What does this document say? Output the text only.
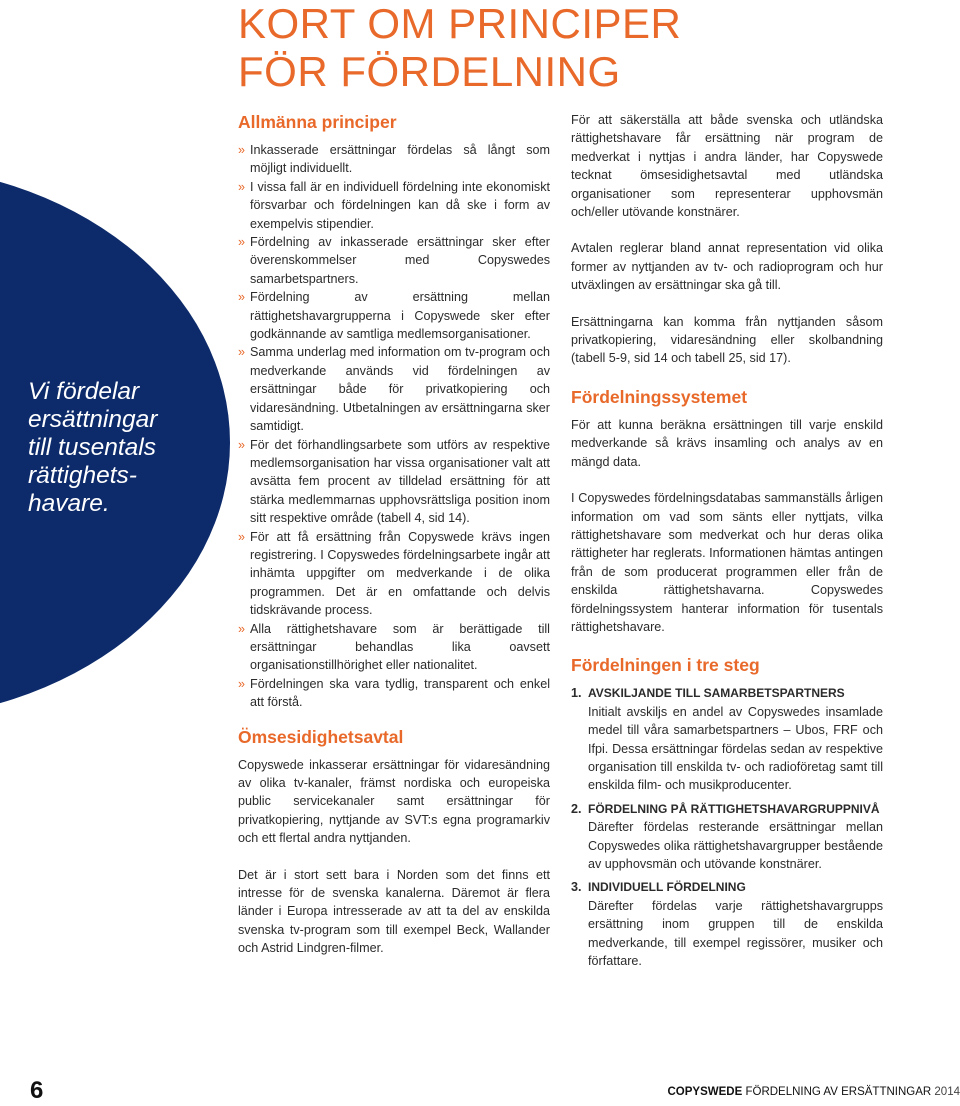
KORT OM PRINCIPER
FÖR FÖRDELNING

Vi fördelar
ersättningar
till tusentals
rättighets-
havare.

Allmänna principer
» Inkasserade ersättningar fördelas så långt som möjligt individuellt.
» I vissa fall är en individuell fördelning inte ekonomiskt försvarbar och fördelningen kan då ske i form av exempelvis stipendier.
» Fördelning av inkasserade ersättningar sker efter överenskommelser med Copyswedes samarbetspartners.
» Fördelning av ersättning mellan rättighetshavargrupperna i Copyswede sker efter godkännande av samtliga medlemsorganisationer.
» Samma underlag med information om tv-program och medverkande används vid fördelningen av ersättningar både för privatkopiering och vidaresändning. Utbetalningen av ersättningarna sker samtidigt.
» För det förhandlingsarbete som utförs av respektive medlemsorganisation har vissa organisationer valt att avsätta fem procent av tilldelad ersättning för att stärka medlemmarnas upphovsrättsliga position inom sitt respektive område (tabell 4, sid 14).
» För att få ersättning från Copyswede krävs ingen registrering. I Copyswedes fördelningsarbete ingår att inhämta uppgifter om medverkande i de olika programmen. Det är en omfattande och delvis tidskrävande process.
» Alla rättighetshavare som är berättigade till ersättningar behandlas lika oavsett organisationstillhörighet eller nationalitet.
» Fördelningen ska vara tydlig, transparent och enkel att förstå.
Ömsesidighetsavtal

Copyswede inkasserar ersättningar för vidaresändning av olika tv-kanaler, främst nordiska och europeiska public servicekanaler samt ersättningar för privatkopiering, nyttjande av SVT:s egna programarkiv och ett flertal andra nyttjanden.

Det är i stort sett bara i Norden som det finns ett intresse för de svenska kanalerna. Däremot är flera länder i Europa intresserade av att ta del av enskilda svenska tv-program som till exempel Beck, Wallander och Astrid Lindgren-filmer.

För att säkerställa att både svenska och utländska rättighetshavare får ersättning när program de medverkat i nyttjas i andra länder, har Copyswede tecknat ömsesidighetsavtal med utländska organisationer som representerar upphovsmän och/eller utövande konstnärer.

Avtalen reglerar bland annat representation vid olika former av nyttjanden av tv- och radioprogram och hur utväxlingen av ersättningar ska gå till.

Ersättningarna kan komma från nyttjanden såsom privatkopiering, vidaresändning eller skolbandning (tabell 5-9, sid 14 och tabell 25, sid 17).

Fördelningssystemet

För att kunna beräkna ersättningen till varje enskild medverkande så krävs insamling och analys av en mängd data.

I Copyswedes fördelningsdatabas sammanställs årligen information om vad som sänts eller nyttjats, vilka rättighetshavare som medverkat och hur deras olika rättigheter har reglerats. Informationen hämtas antingen från de som producerat programmen eller från de enskilda rättighetshavarna. Copyswedes fördelningssystem hanterar information för tusentals rättighetshavare.

Fördelningen i tre steg
1. AVSKILJANDE TILL SAMARBETSPARTNERS
Initialt avskiljs en andel av Copyswedes insamlade medel till våra samarbetspartners – Ubos, FRF och Ifpi. Dessa ersättningar fördelas sedan av respektive organisation till enskilda tv- och radioföretag samt till enskilda film- och musikproducenter.
2. FÖRDELNING PÅ RÄTTIGHETSHAVARGRUPPNIVÅ
Därefter fördelas resterande ersättningar mellan Copyswedes olika rättighetshavargrupper bestående av upphovsmän och utövande konstnärer.
3. INDIVIDUELL FÖRDELNING
Därefter fördelas varje rättighetshavargrupps ersättning inom gruppen till de enskilda medverkande, till exempel regissörer, musiker och författare.

6	COPYSWEDE FÖRDELNING AV ERSÄTTNINGAR 2014
